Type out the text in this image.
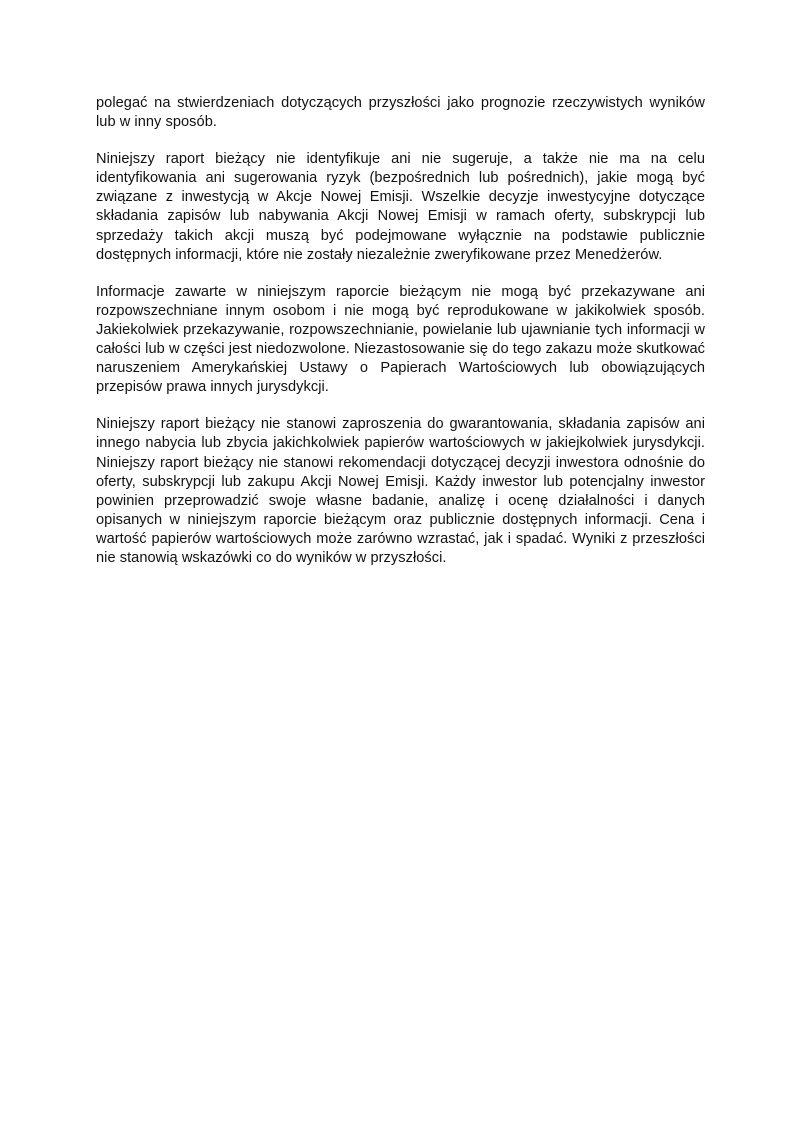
polegać na stwierdzeniach dotyczących przyszłości jako prognozie rzeczywistych wyników lub w inny sposób.

Niniejszy raport bieżący nie identyfikuje ani nie sugeruje, a także nie ma na celu identyfikowania ani sugerowania ryzyk (bezpośrednich lub pośrednich), jakie mogą być związane z inwestycją w Akcje Nowej Emisji. Wszelkie decyzje inwestycyjne dotyczące składania zapisów lub nabywania Akcji Nowej Emisji w ramach oferty, subskrypcji lub sprzedaży takich akcji muszą być podejmowane wyłącznie na podstawie publicznie dostępnych informacji, które nie zostały niezależnie zweryfikowane przez Menedżerów.

Informacje zawarte w niniejszym raporcie bieżącym nie mogą być przekazywane ani rozpowszechniane innym osobom i nie mogą być reprodukowane w jakikolwiek sposób. Jakiekolwiek przekazywanie, rozpowszechnianie, powielanie lub ujawnianie tych informacji w całości lub w części jest niedozwolone. Niezastosowanie się do tego zakazu może skutkować naruszeniem Amerykańskiej Ustawy o Papierach Wartościowych lub obowiązujących przepisów prawa innych jurysdykcji.

Niniejszy raport bieżący nie stanowi zaproszenia do gwarantowania, składania zapisów ani innego nabycia lub zbycia jakichkolwiek papierów wartościowych w jakiejkolwiek jurysdykcji. Niniejszy raport bieżący nie stanowi rekomendacji dotyczącej decyzji inwestora odnośnie do oferty, subskrypcji lub zakupu Akcji Nowej Emisji. Każdy inwestor lub potencjalny inwestor powinien przeprowadzić swoje własne badanie, analizę i ocenę działalności i danych opisanych w niniejszym raporcie bieżącym oraz publicznie dostępnych informacji. Cena i wartość papierów wartościowych może zarówno wzrastać, jak i spadać. Wyniki z przeszłości nie stanowią wskazówki co do wyników w przyszłości.
